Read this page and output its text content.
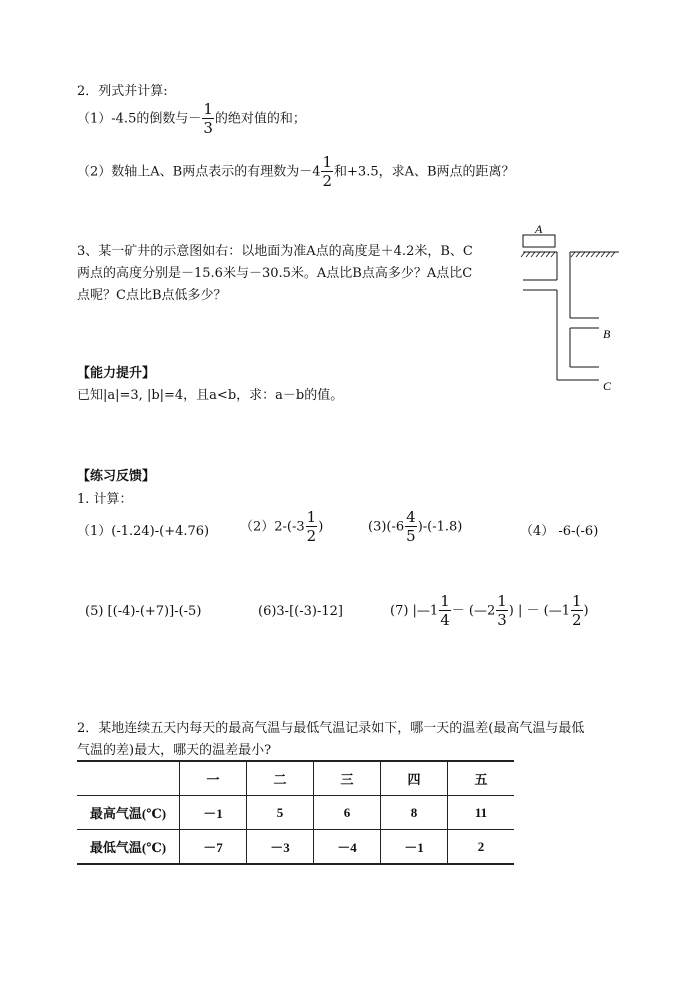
2．列式并计算:
（1）-4.5的倒数与－ $\frac{1}{3}$ 的绝对值的和；
（2）数轴上A、B两点表示的有理数为$-4 \frac{1}{2}$ 和+3.5，求A、B两点的距离？
3、某一矿井的示意图如右：以地面为准A点的高度是＋4.2米，B、C
两点的高度分别是－15.6米与－30.5米。A点比B点高多少？A点比C
点呢？C点比B点低多少？
A
B
C
【能力提升】
已知|a|=3, |b|=4，且a<b，求：a－b的值。
【练习反馈】
1. 计算：
（1）(-1.24)-(+4.76) $(2)2-(-3 \frac{1}{2}$ )	$(3)(-6 \frac{4}{5} )-(-1.8)$	（4） -6-(-6)
(5) [(-4)-(+7)]-(-5)	(6)3-[(-3)-12]	(7) |—1 $\frac{1}{4}$ － (—2 $\frac{1}{3}$ ) | － (—1 $\frac{1}{2}$ )
2．某地连续五天内每天的最高气温与最低气温记录如下，哪一天的温差(最高气温与最低
气温的差)最大，哪天的温差最小?
	一	二	三	四	五
最高气温(℃)	－1	5	6	8	11
最低气温(℃)	－7	－3	－4	－1	2
